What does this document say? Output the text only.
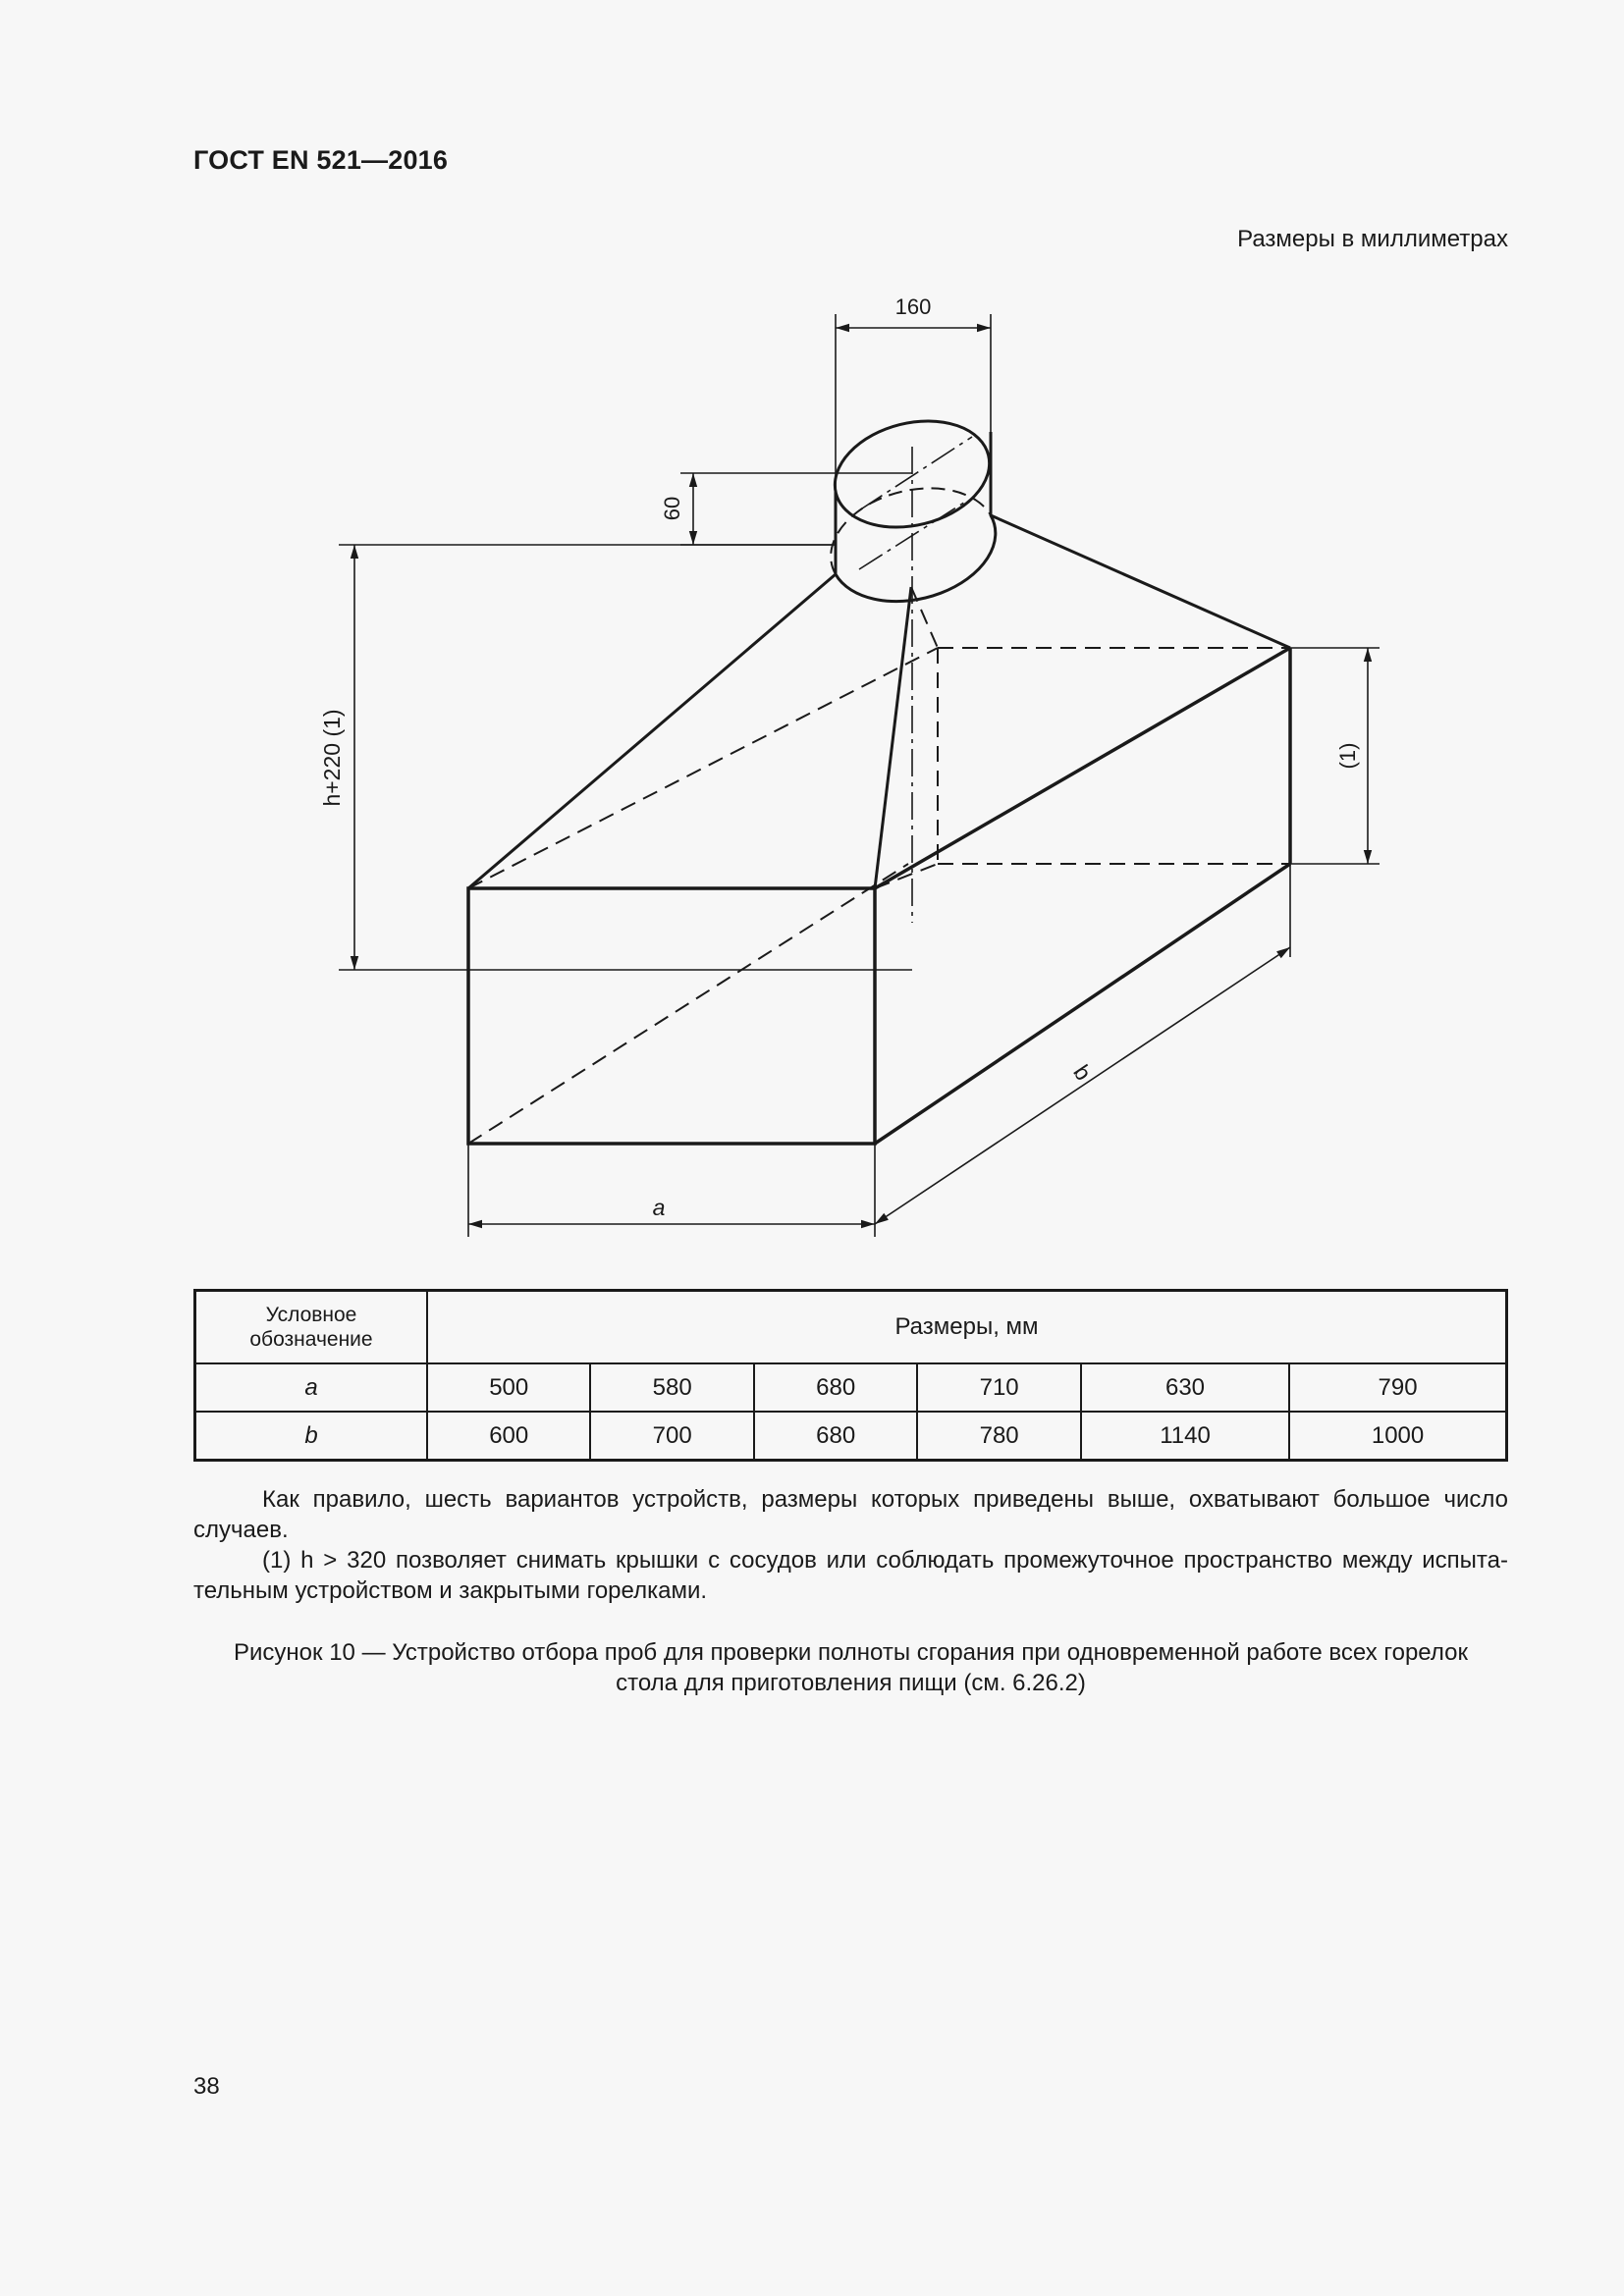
ГОСТ EN 521—2016
Размеры в миллиметрах
160
60
h+220 (1)	(1)
a
b
Условное
обозначение	Размеры, мм					
a	500	580	680	710	630	790
b	600	700	680	780	1140	1000

Как правило, шесть вариантов устройств, размеры которых приведены выше, охватывают большое число случаев.

(1) h > 320 позволяет снимать крышки с сосудов или соблюдать промежуточное пространство между испыта-тельным устройством и закрытыми горелками.

Рисунок 10 — Устройство отбора проб для проверки полноты сгорания при одновременной работе всех горелок
стола для приготовления пищи (см. 6.26.2)
38
